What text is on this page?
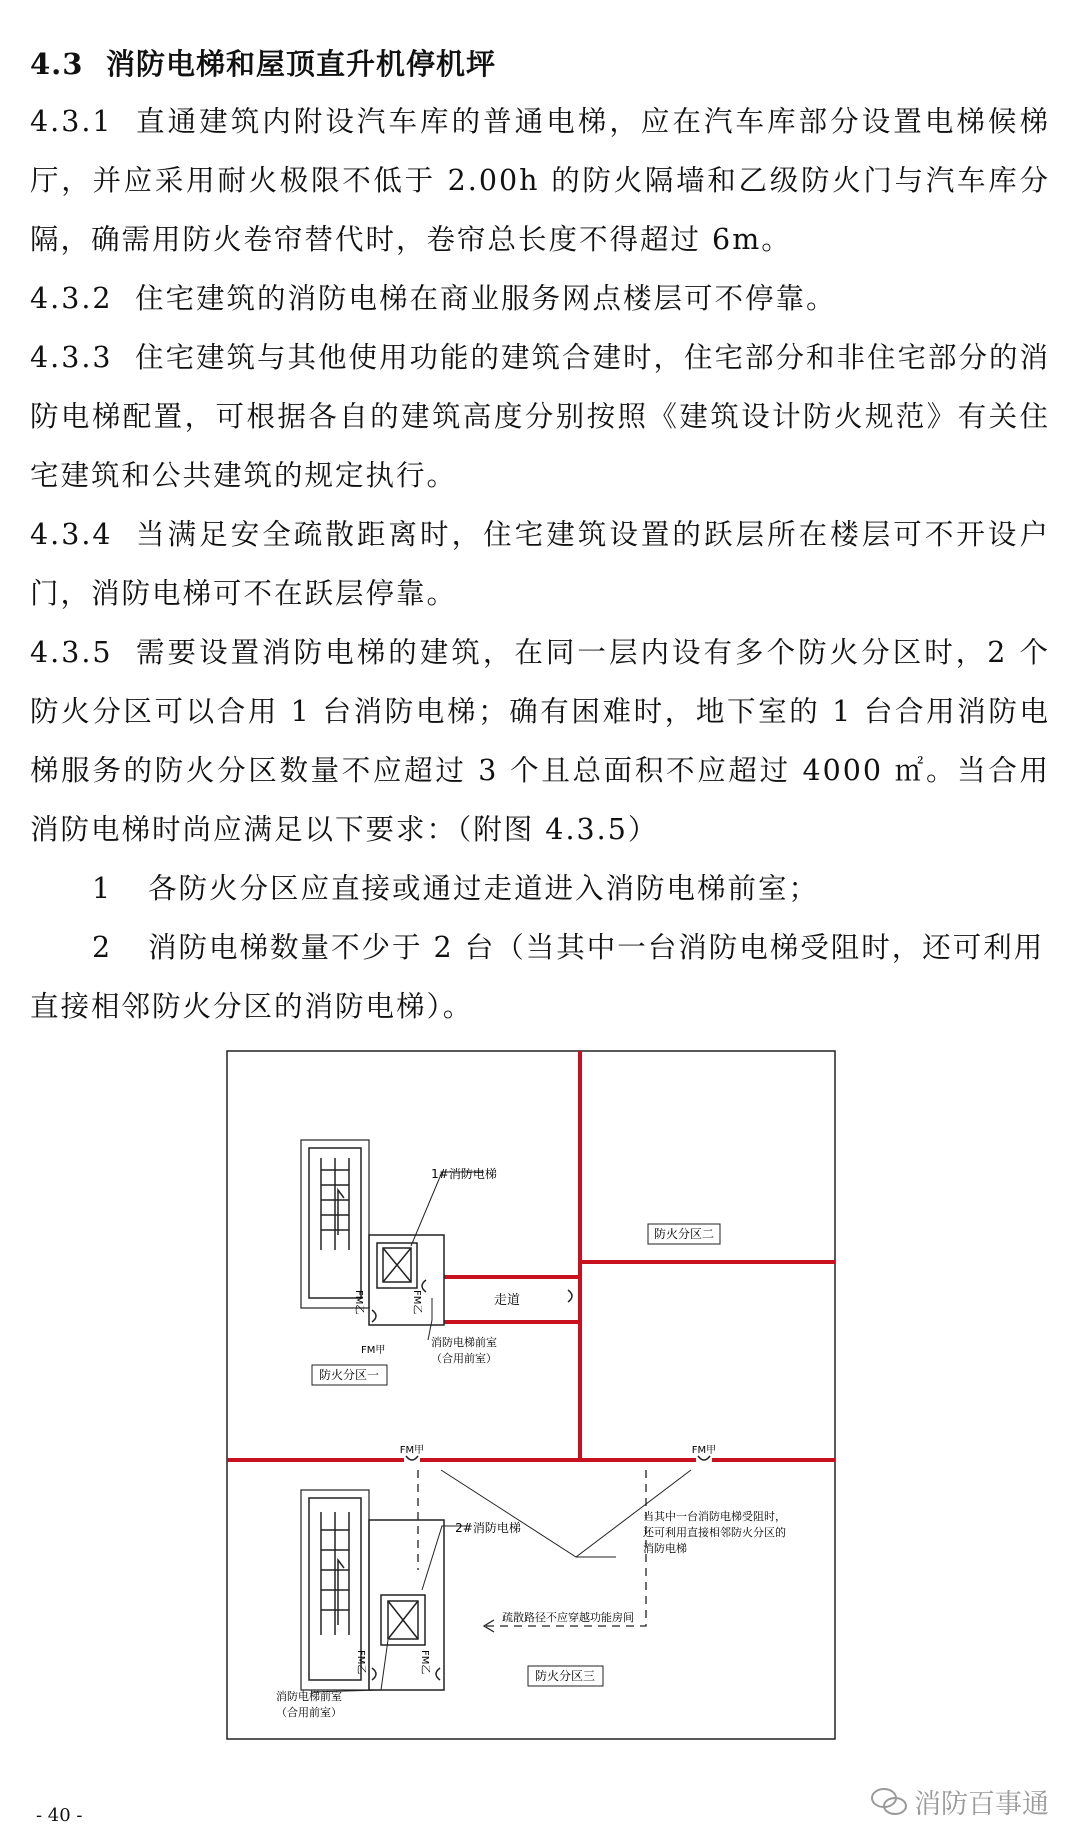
4.3 消防电梯和屋顶直升机停机坪
4.3.1 直通建筑内附设汽车库的普通电梯，应在汽车库部分设置电梯候梯厅，并应采用耐火极限不低于 2.00h 的防火隔墙和乙级防火门与汽车库分隔，确需用防火卷帘替代时，卷帘总长度不得超过 6m。
4.3.2 住宅建筑的消防电梯在商业服务网点楼层可不停靠。
4.3.3 住宅建筑与其他使用功能的建筑合建时，住宅部分和非住宅部分的消防电梯配置，可根据各自的建筑高度分别按照《建筑设计防火规范》有关住宅建筑和公共建筑的规定执行。
4.3.4 当满足安全疏散距离时，住宅建筑设置的跃层所在楼层可不开设户门，消防电梯可不在跃层停靠。
4.3.5 需要设置消防电梯的建筑，在同一层内设有多个防火分区时，2 个防火分区可以合用 1 台消防电梯；确有困难时，地下室的 1 台合用消防电梯服务的防火分区数量不应超过 3 个且总面积不应超过 4000 ㎡。当合用消防电梯时尚应满足以下要求：（附图 4.3.5）
1 各防火分区应直接或通过走道进入消防电梯前室；
2 消防电梯数量不少于 2 台（当其中一台消防电梯受阻时，还可利用直接相邻防火分区的消防电梯）。
1#消防电梯
走道
防火分区二
防火分区一
FM乙	FM乙
FM甲
消防电梯前室
（合用前室）
FM甲	FM甲
2#消防电梯
当其中一台消防电梯受阻时，
还可利用直接相邻防火分区的
消防电梯
FM乙	FM乙
疏散路径不应穿越功能房间
消防电梯前室
（合用前室）
防火分区三
- 40 -	消防百事通
